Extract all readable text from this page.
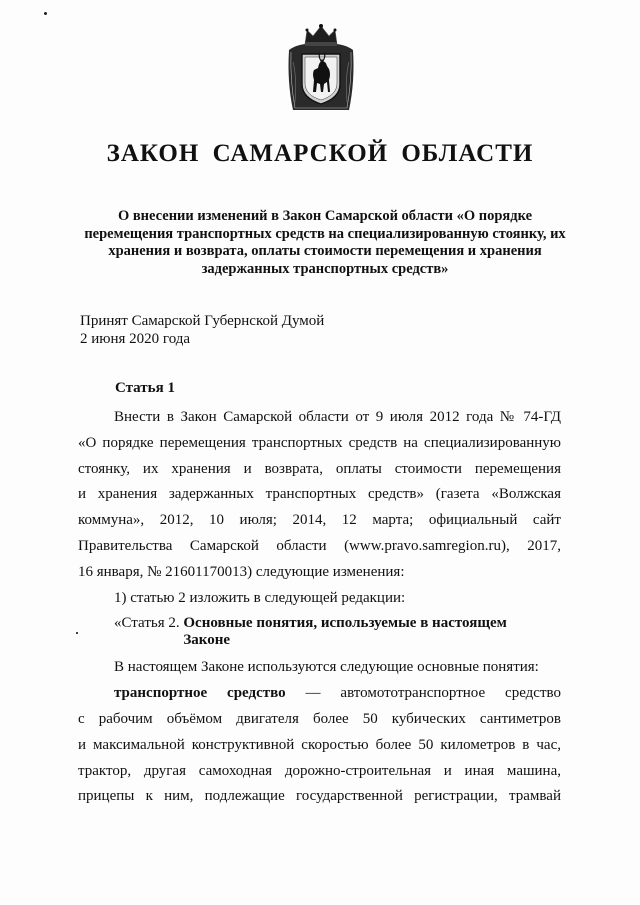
ЗАКОН САМАРСКОЙ ОБЛАСТИ
О внесении изменений в Закон Самарской области «О порядке перемещения транспортных средств на специализированную стоянку, их хранения и возврата, оплаты стоимости перемещения и хранения задержанных транспортных средств»
Принят Самарской Губернской Думой
2 июня 2020 года
Статья 1

Внести в Закон Самарской области от 9 июля 2012 года № 74-ГД
«О порядке перемещения транспортных средств на специализированную
стоянку, их хранения и возврата, оплаты стоимости перемещения
и хранения задержанных транспортных средств» (газета «Волжская
коммуна», 2012, 10 июля; 2014, 12 марта; официальный сайт
Правительства Самарской области (www.pravo.samregion.ru), 2017,
16 января, № 21601170013) следующие изменения:

1) статью 2 изложить в следующей редакции:

«Статья 2. Основные понятия, используемые в настоящем
Законе

В настоящем Законе используются следующие основные понятия:

транспортное средство — автомототранспортное средство
с рабочим объёмом двигателя более 50 кубических сантиметров
и максимальной конструктивной скоростью более 50 километров в час,
трактор, другая самоходная дорожно-строительная и иная машина,
прицепы к ним, подлежащие государственной регистрации, трамвай
